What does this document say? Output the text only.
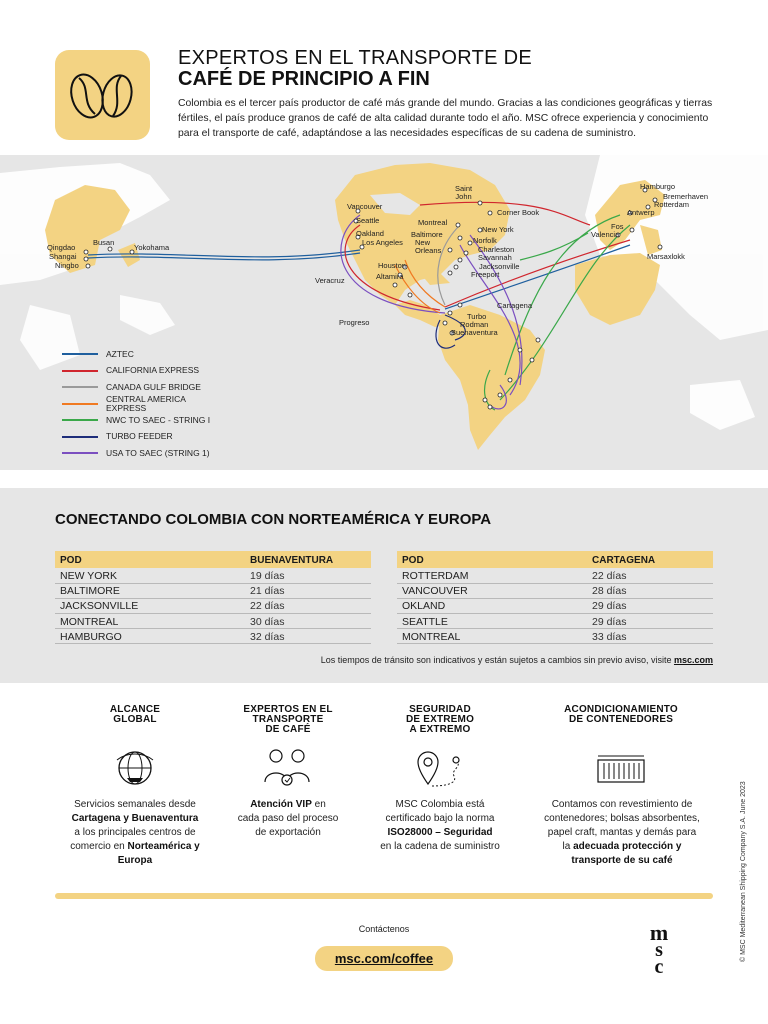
EXPERTOS EN EL TRANSPORTE DE
CAFÉ DE PRINCIPIO A FIN
Colombia es el tercer país productor de café más grande del mundo. Gracias a las condiciones geográficas y tierras fértiles, el país produce granos de café de alta calidad durante todo el año. MSC ofrece experiencia y conocimiento para el transporte de café, adaptándose a las necesidades específicas de su cadena de suministro.
Qingdao
Shangai
Ningbo
Busan
Yokohama
Vancouver
Seattle
Oakland
Los Angeles
Saint
John
Montreal
Corner Book
New York
Baltimore
Norfolk
New
Orleans	Charleston
Savannah
Jacksonville
Freeport
Houston
Altamira
Veracruz
Progreso
Cartagena
Turbo
Rodman
Buenaventura
Hamburgo
Bremerhaven
Rotterdam
Antwerp
Fos
Valencia
Marsaxlokk
AZTEC
CALIFORNIA EXPRESS
CANADA GULF BRIDGE
CENTRAL AMERICA
EXPRESS
NWC TO SAEC - STRING I
TURBO FEEDER
USA TO SAEC (STRING 1)
CONECTANDO COLOMBIA CON NORTEAMÉRICA Y EUROPA
POD	BUENAVENTURA
NEW YORK	19 días
BALTIMORE	21 días
JACKSONVILLE	22 días
MONTREAL	30 días
HAMBURGO	32 días
POD	CARTAGENA
ROTTERDAM	22 días
VANCOUVER	28 días
OKLAND	29 días
SEATTLE	29 días
MONTREAL	33 días
Los tiempos de tránsito son indicativos y están sujetos a cambios sin previo aviso, visite msc.com
ALCANCE
GLOBAL
Servicios semanales desde
Cartagena y Buenaventura
a los principales centros de
comercio en Norteamérica y
Europa
EXPERTOS EN EL
TRANSPORTE
DE CAFÉ
Atención VIP en
cada paso del proceso
de exportación
SEGURIDAD
DE EXTREMO
A EXTREMO
MSC Colombia está
certificado bajo la norma
ISO28000 – Seguridad
en la cadena de suministro
ACONDICIONAMIENTO
DE CONTENEDORES
Contamos con revestimiento de
contenedores; bolsas absorbentes,
papel craft, mantas y demás para
la adecuada protección y
transporte de su café
Contáctenos
msc.com/coffee
m
s
c
© MSC Mediterranean Shipping Company S.A. June 2023
